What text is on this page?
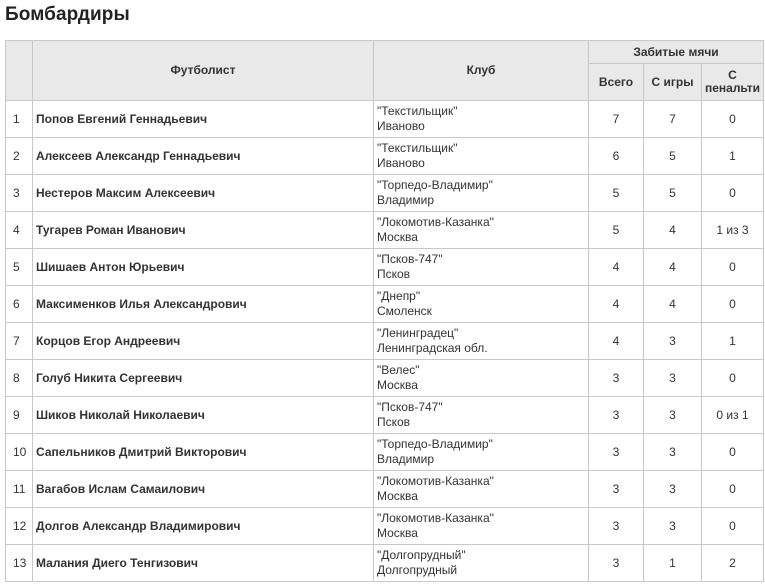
Бомбардиры
	Футболист	Клуб	Забитые мячи		
			Всего	С игры	С пенальти
1	Попов Евгений Геннадьевич	"Текстильщик"
Иваново	7	7	0
2	Алексеев Александр Геннадьевич	"Текстильщик"
Иваново	6	5	1
3	Нестеров Максим Алексеевич	"Торпедо-Владимир"
Владимир	5	5	0
4	Тугарев Роман Иванович	"Локомотив-Казанка"
Москва	5	4	1 из 3
5	Шишаев Антон Юрьевич	"Псков-747"
Псков	4	4	0
6	Максименков Илья Александрович	"Днепр"
Смоленск	4	4	0
7	Корцов Егор Андреевич	"Ленинградец"
Ленинградская обл.	4	3	1
8	Голуб Никита Сергеевич	"Велес"
Москва	3	3	0
9	Шиков Николай Николаевич	"Псков-747"
Псков	3	3	0 из 1
10	Сапельников Дмитрий Викторович	"Торпедо-Владимир"
Владимир	3	3	0
11	Вагабов Ислам Самаилович	"Локомотив-Казанка"
Москва	3	3	0
12	Долгов Александр Владимирович	"Локомотив-Казанка"
Москва	3	3	0
13	Малания Диего Тенгизович	"Долгопрудный"
Долгопрудный	3	1	2
